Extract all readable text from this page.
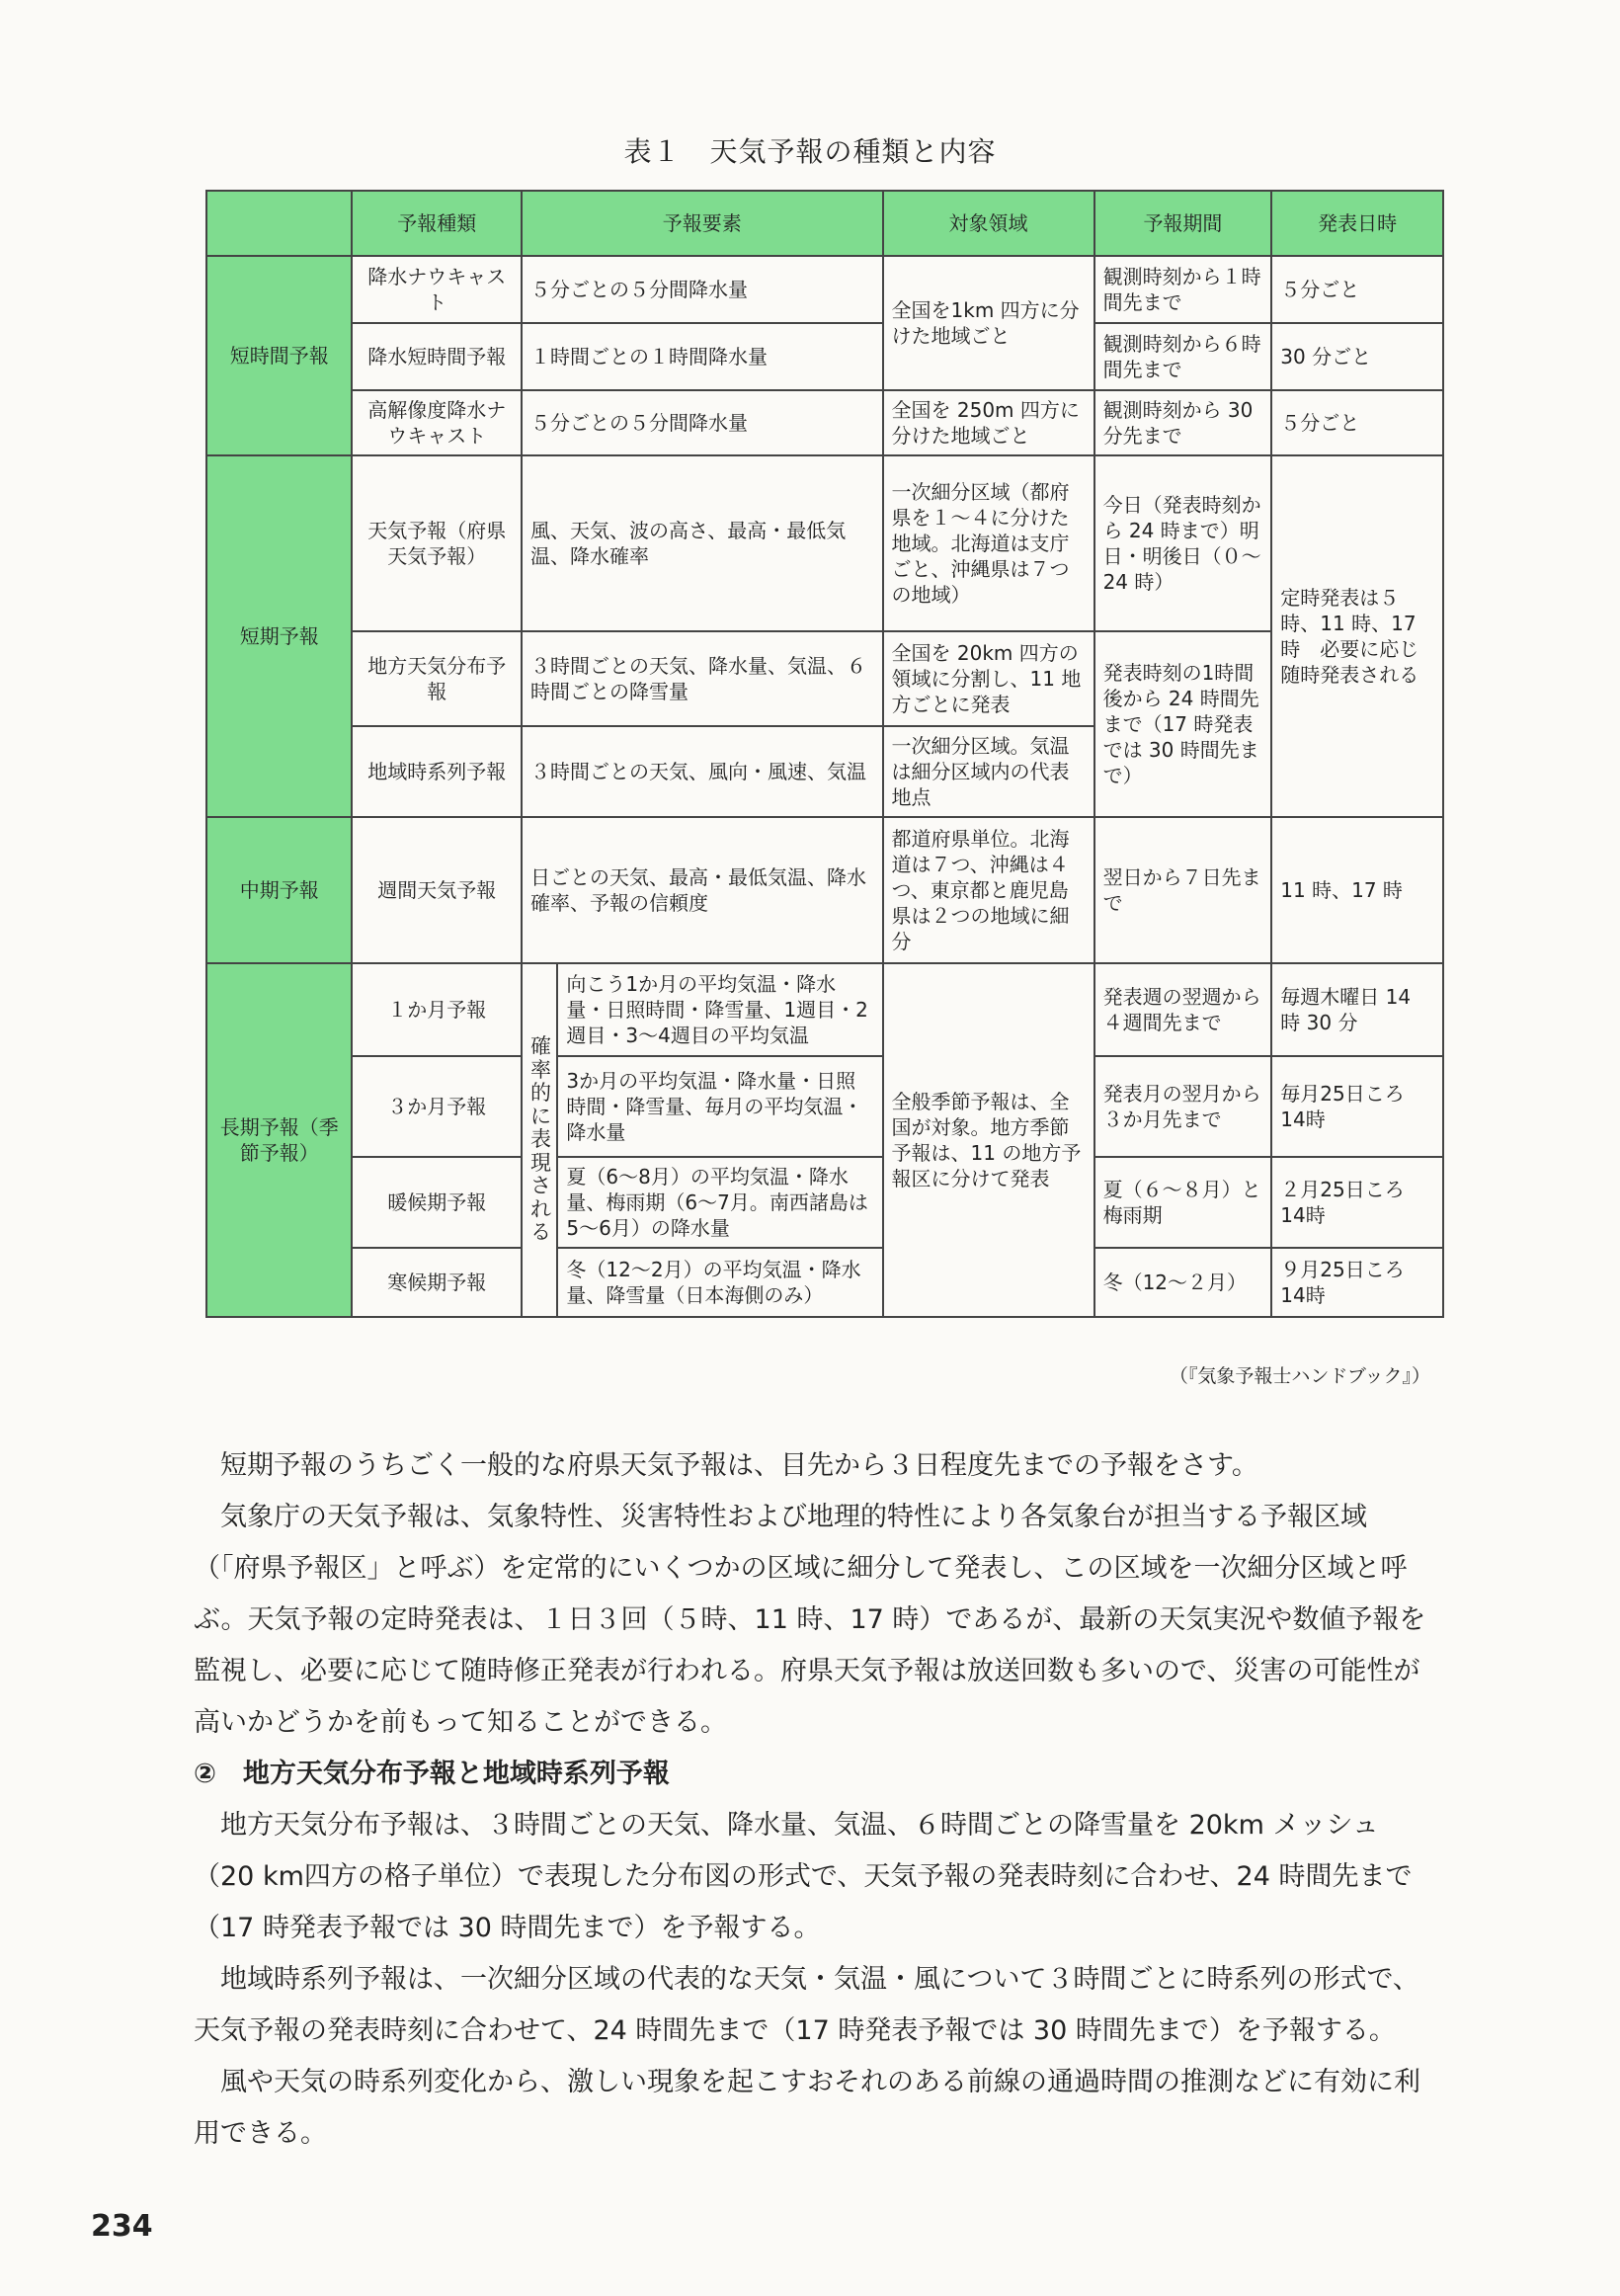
表１　天気予報の種類と内容
	予報種類	予報要素		対象領域	予報期間	発表日時
短時間予報	降水ナウキャスト	５分ごとの５分間降水量		全国を1km 四方に分けた地域ごと	観測時刻から１時間先まで	５分ごと
	降水短時間予報	１時間ごとの１時間降水量			観測時刻から６時間先まで	30 分ごと
	高解像度降水ナウキャスト	５分ごとの５分間降水量		全国を 250m 四方に分けた地域ごと	観測時刻から 30 分先まで	５分ごと
短期予報	天気予報（府県天気予報）	風、天気、波の高さ、最高・最低気温、降水確率		一次細分区域（都府県を１～４に分けた地域。北海道は支庁ごと、沖縄県は７つの地域）	今日（発表時刻から 24 時まで）明日・明後日（０～24 時）	定時発表は５時、11 時、17 時　必要に応じ随時発表される
	地方天気分布予報	３時間ごとの天気、降水量、気温、６時間ごとの降雪量		全国を 20km 四方の領域に分割し、11 地方ごとに発表	発表時刻の1時間後から 24 時間先まで（17 時発表では 30 時間先まで）	
	地域時系列予報	３時間ごとの天気、風向・風速、気温		一次細分区域。気温は細分区域内の代表地点		
中期予報	週間天気予報	日ごとの天気、最高・最低気温、降水確率、予報の信頼度		都道府県単位。北海道は７つ、沖縄は４つ、東京都と鹿児島県は２つの地域に細分	翌日から７日先まで	11 時、17 時
長期予報（季節予報）	１か月予報	確率的に表現される	向こう1か月の平均気温・降水量・日照時間・降雪量、1週目・2週目・3～4週目の平均気温	全般季節予報は、全国が対象。地方季節予報は、11 の地方予報区に分けて発表	発表週の翌週から４週間先まで	毎週木曜日 14 時 30 分
	３か月予報		3か月の平均気温・降水量・日照時間・降雪量、毎月の平均気温・降水量		発表月の翌月から３か月先まで	毎月25日ころ 14時
	暖候期予報		夏（6～8月）の平均気温・降水量、梅雨期（6～7月。南西諸島は5～6月）の降水量		夏（６～８月）と梅雨期	２月25日ころ 14時
	寒候期予報		冬（12～2月）の平均気温・降水量、降雪量（日本海側のみ）		冬（12～２月）	９月25日ころ 14時
（『気象予報士ハンドブック』）

短期予報のうちごく一般的な府県天気予報は、目先から３日程度先までの予報をさす。

気象庁の天気予報は、気象特性、災害特性および地理的特性により各気象台が担当する予報区域（「府県予報区」と呼ぶ）を定常的にいくつかの区域に細分して発表し、この区域を一次細分区域と呼ぶ。天気予報の定時発表は、１日３回（５時、11 時、17 時）であるが、最新の天気実況や数値予報を監視し、必要に応じて随時修正発表が行われる。府県天気予報は放送回数も多いので、災害の可能性が高いかどうかを前もって知ることができる。

②　地方天気分布予報と地域時系列予報

地方天気分布予報は、３時間ごとの天気、降水量、気温、６時間ごとの降雪量を 20km メッシュ（20 km四方の格子単位）で表現した分布図の形式で、天気予報の発表時刻に合わせ、24 時間先まで（17 時発表予報では 30 時間先まで）を予報する。

地域時系列予報は、一次細分区域の代表的な天気・気温・風について３時間ごとに時系列の形式で、天気予報の発表時刻に合わせて、24 時間先まで（17 時発表予報では 30 時間先まで）を予報する。

風や天気の時系列変化から、激しい現象を起こすおそれのある前線の通過時間の推測などに有効に利用できる。

234
